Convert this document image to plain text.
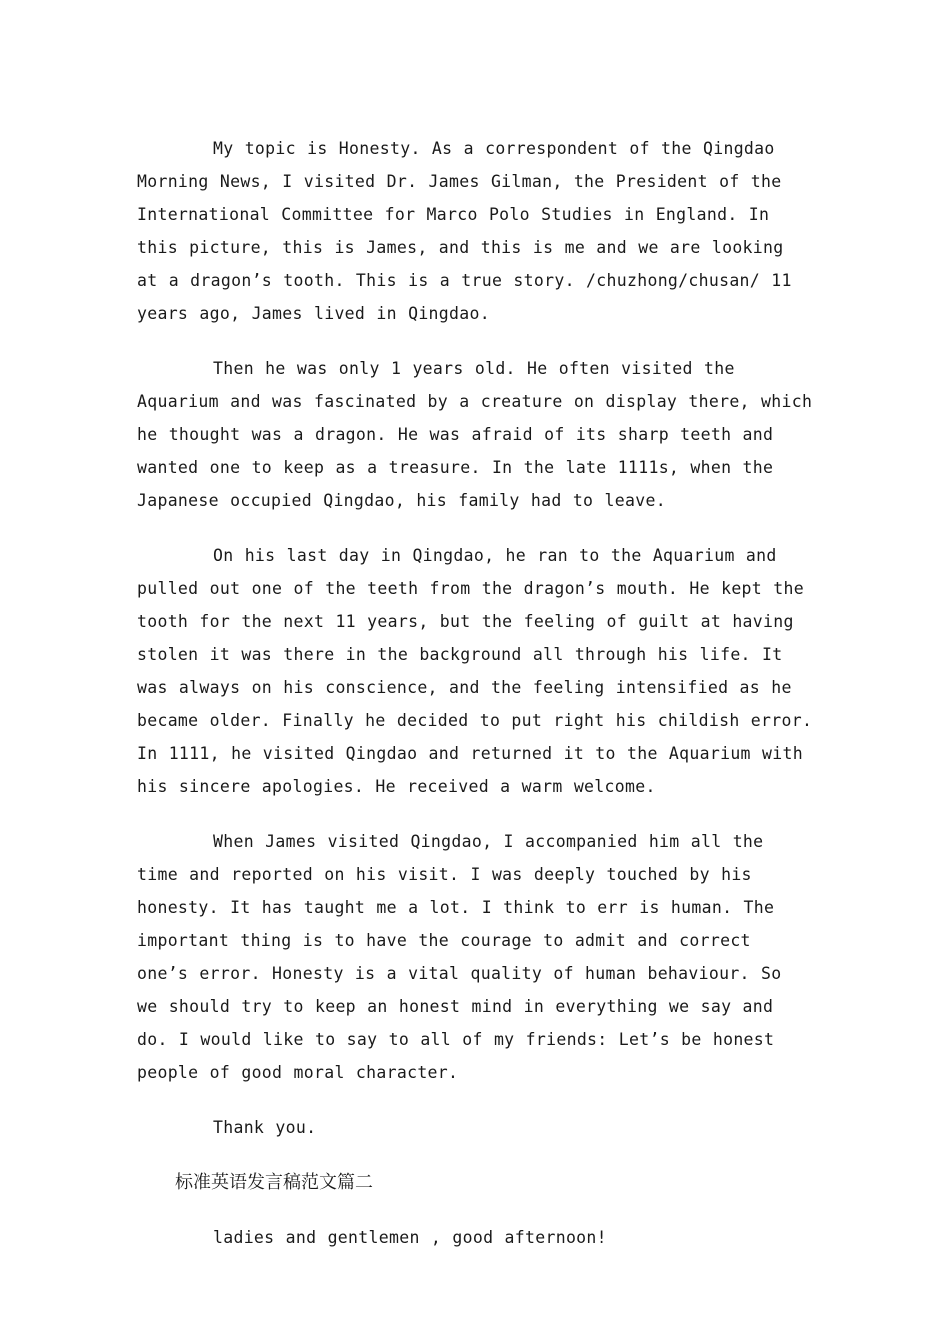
My topic is Honesty. As a correspondent of the Qingdao Morning News, I visited Dr. James Gilman, the President of the International Committee for Marco Polo Studies in England. In this picture, this is James, and this is me and we are looking at a dragon’s tooth. This is a true story. /chuzhong/chusan/ 11 years ago, James lived in Qingdao.

Then he was only 1 years old. He often visited the Aquarium and was fascinated by a creature on display there, which he thought was a dragon. He was afraid of its sharp teeth and wanted one to keep as a treasure. In the late 1111s, when the Japanese occupied Qingdao, his family had to leave.

On his last day in Qingdao, he ran to the Aquarium and pulled out one of the teeth from the dragon’s mouth. He kept the tooth for the next 11 years, but the feeling of guilt at having stolen it was there in the background all through his life. It was always on his conscience, and the feeling intensified as he became older. Finally he decided to put right his childish error. In 1111, he visited Qingdao and returned it to the Aquarium with his sincere apologies. He received a warm welcome.

When James visited Qingdao, I accompanied him all the time and reported on his visit. I was deeply touched by his honesty. It has taught me a lot. I think to err is human. The important thing is to have the courage to admit and correct one’s error. Honesty is a vital quality of human behaviour. So we should try to keep an honest mind in everything we say and do. I would like to say to all of my friends: Let’s be honest people of good moral character.

Thank you.

标准英语发言稿范文篇二

ladies and gentlemen , good afternoon!
